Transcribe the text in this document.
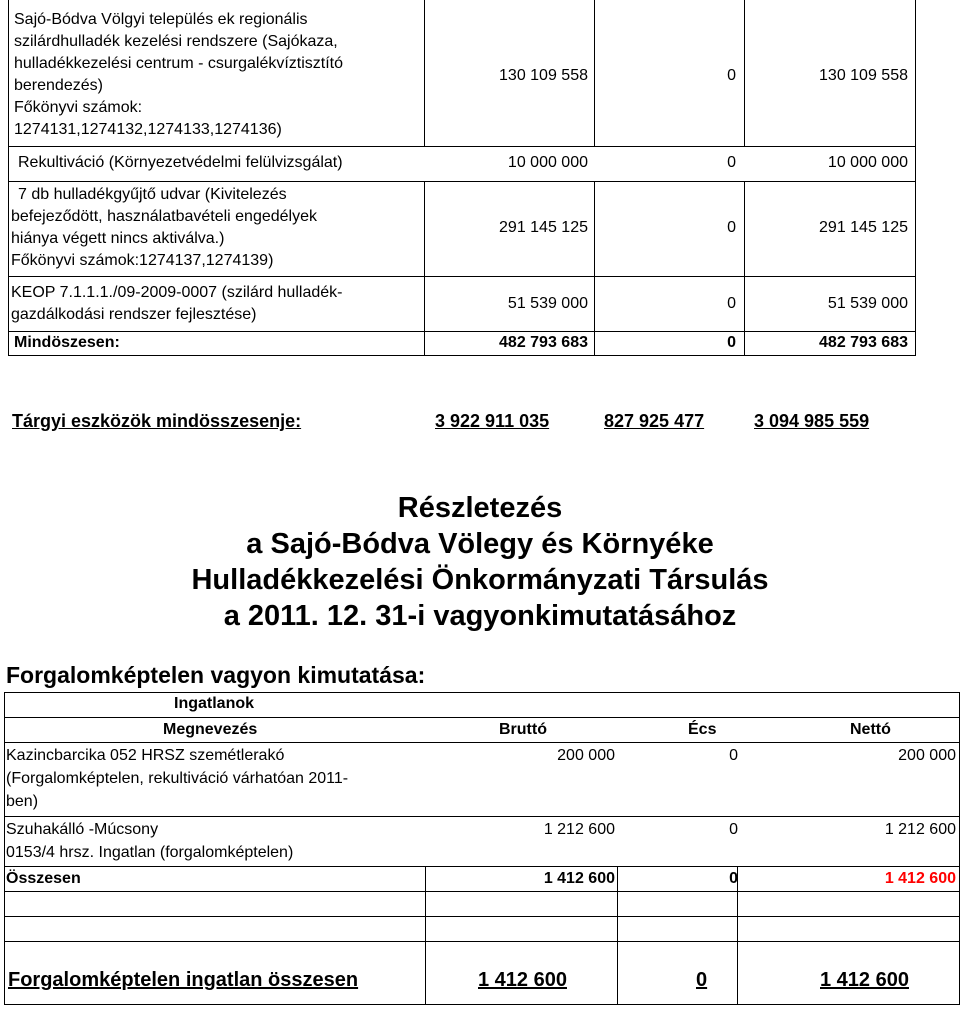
Sajó-Bódva Völgyi település ek regionális
szilárdhulladék kezelési rendszere (Sajókaza,
hulladékkezelési centrum - csurgalékvíztisztító
berendezés)
Főkönyvi számok:
1274131,1274132,1274133,1274136)
130 109 558	0	130 109 558
Rekultiváció (Környezetvédelmi felülvizsgálat)	10 000 000	0	10 000 000
7 db hulladékgyűjtő udvar (Kivitelezés
befejeződött, használatbavételi engedélyek
hiánya végett nincs aktiválva.)
Főkönyvi számok:1274137,1274139)
291 145 125	0	291 145 125
KEOP 7.1.1.1./09-2009-0007 (szilárd hulladék-
gazdálkodási rendszer fejlesztése)
51 539 000	0	51 539 000
Mindöszesen:	482 793 683	0	482 793 683
Tárgyi eszközök mindösszesenje:	3 922 911 035	827 925 477	3 094 985 559
Részletezés
a Sajó-Bódva Völegy és Környéke
Hulladékkezelési Önkormányzati Társulás
a 2011. 12. 31-i vagyonkimutatásához
Forgalomképtelen vagyon kimutatása:
Ingatlanok
Megnevezés	Bruttó	Écs	Nettó
Kazincbarcika 052 HRSZ szemétlerakó
(Forgalomképtelen, rekultiváció várhatóan 2011-
ben)
200 000	0	200 000
Szuhakálló -Múcsony
0153/4 hrsz. Ingatlan (forgalomképtelen)
1 212 600	0	1 212 600
Összesen	1 412 600	0	1 412 600
Forgalomképtelen ingatlan összesen	1 412 600	0	1 412 600
